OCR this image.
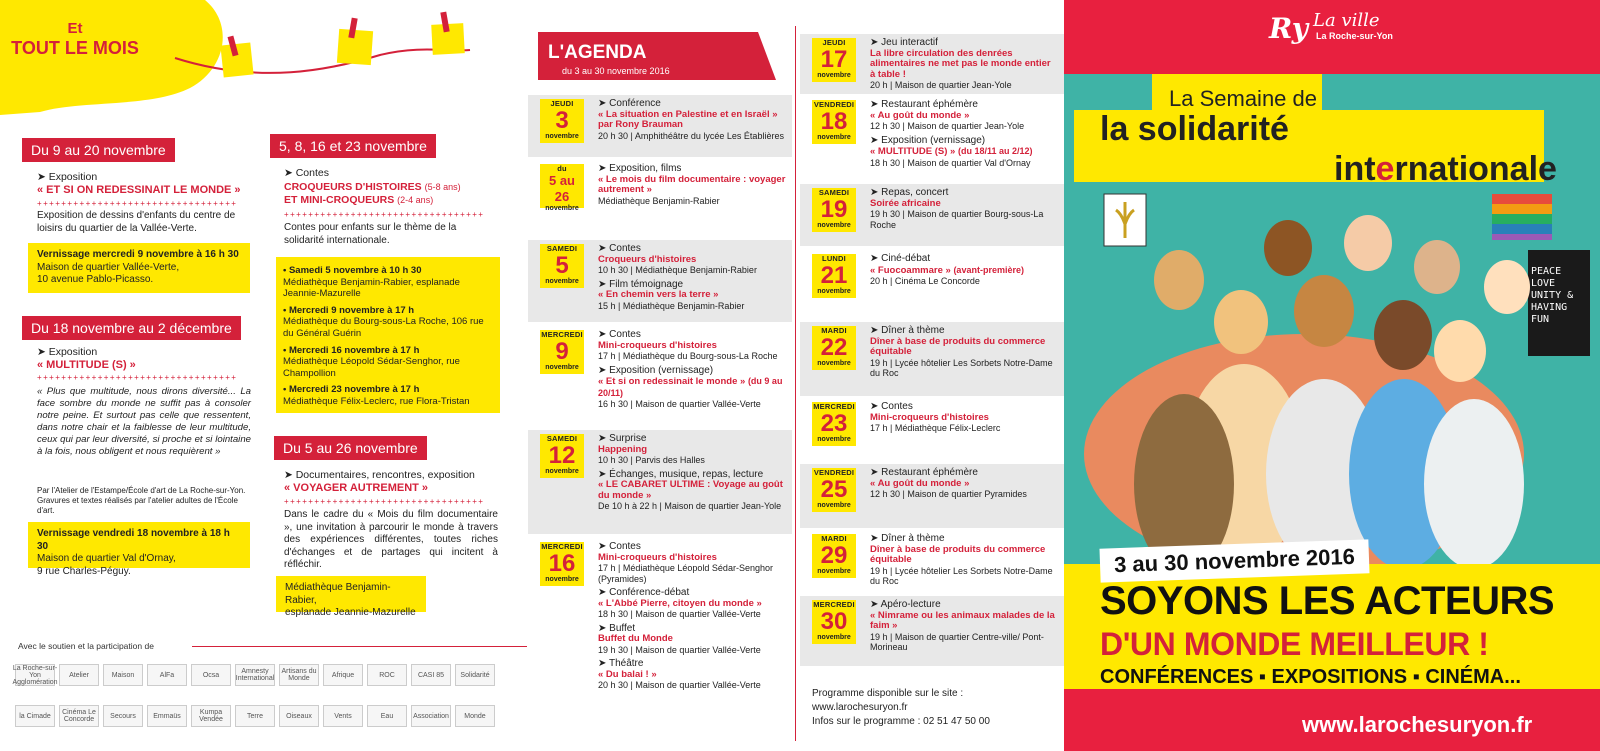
Et
TOUT LE MOIS
Du 9 au 20 novembre
➤ Exposition
« ET SI ON REDESSINAIT LE MONDE »
+++++++++++++++++++++++++++++++++
Exposition de dessins d'enfants du centre de loisirs du quartier de la Vallée-Verte.
Vernissage mercredi 9 novembre à 16 h 30
Maison de quartier Vallée-Verte,
10 avenue Pablo-Picasso.
Du 18 novembre au 2 décembre
➤ Exposition
« MULTITUDE (S) »
+++++++++++++++++++++++++++++++++
« Plus que multitude, nous dirons diversité... La face sombre du monde ne suffit pas à consoler notre peine. Et surtout pas celle que ressentent, dans notre chair et la faiblesse de leur multitude, ceux qui par leur diversité, si proche et si lointaine à la fois, nous obligent et nous requièrent »
Par l'Atelier de l'Estampe/École d'art de La Roche-sur-Yon. Gravures et textes réalisés par l'atelier adultes de l'École d'art.
Vernissage vendredi 18 novembre à 18 h 30
Maison de quartier Val d'Ornay,
9 rue Charles-Péguy.
5, 8, 16 et 23 novembre
➤ Contes
CROQUEURS D'HISTOIRES (5-8 ans)
ET MINI-CROQUEURS (2-4 ans)
+++++++++++++++++++++++++++++++++
Contes pour enfants sur le thème de la solidarité internationale.
• Samedi 5 novembre à 10 h 30
Médiathèque Benjamin-Rabier, esplanade Jeannie-Mazurelle
• Mercredi 9 novembre à 17 h
Médiathèque du Bourg-sous-La Roche, 106 rue du Général Guérin
• Mercredi 16 novembre à 17 h
Médiathèque Léopold Sédar-Senghor, rue Champollion
• Mercredi 23 novembre à 17 h
Médiathèque Félix-Leclerc, rue Flora-Tristan
Du 5 au 26 novembre
➤ Documentaires, rencontres, exposition
« VOYAGER AUTREMENT »
+++++++++++++++++++++++++++++++++
Dans le cadre du « Mois du film documentaire », une invitation à parcourir le monde à travers des expériences différentes, toutes riches d'échanges et de partages qui incitent à réfléchir.
Médiathèque Benjamin-Rabier,
esplanade Jeannie-Mazurelle
Avec le soutien et la participation de
La Roche-sur-Yon Agglomération
Atelier	Maison	AlFa	Ocsa	Amnesty International
Artisans du Monde	Afrique	ROC	CASI 85	Solidarité
la Cimade	Cinéma Le Concorde	Secours	Emmaüs	Kumpa Vendée	Terre	Oiseaux	Vents	Eau	Association	Monde
L'AGENDA
du 3 au 30 novembre 2016
JEUDI
3
novembre
➤ Conférence
« La situation en Palestine et en Israël » par Rony Brauman
20 h 30 | Amphithéâtre du lycée Les Établières
du
5 au 26
novembre
➤ Exposition, films
« Le mois du film documentaire : voyager autrement »
Médiathèque Benjamin-Rabier
SAMEDI
5
novembre
➤ Contes
Croqueurs d'histoires
10 h 30 | Médiathèque Benjamin-Rabier
➤ Film témoignage
« En chemin vers la terre »
15 h | Médiathèque Benjamin-Rabier
MERCREDI
9
novembre
➤ Contes
Mini-croqueurs d'histoires
17 h | Médiathèque du Bourg-sous-La Roche
➤ Exposition (vernissage)
« Et si on redessinait le monde » (du 9 au 20/11)
16 h 30 | Maison de quartier Vallée-Verte
SAMEDI
12
novembre
➤ Surprise
Happening
10 h 30 | Parvis des Halles
➤ Échanges, musique, repas, lecture
« LE CABARET ULTIME : Voyage au goût du monde »
De 10 h à 22 h | Maison de quartier Jean-Yole
MERCREDI
16
novembre
➤ Contes
Mini-croqueurs d'histoires
17 h | Médiathèque Léopold Sédar-Senghor (Pyramides)
➤ Conférence-débat
« L'Abbé Pierre, citoyen du monde »
18 h 30 | Maison de quartier Vallée-Verte
➤ Buffet
Buffet du Monde
19 h 30 | Maison de quartier Vallée-Verte
➤ Théâtre
« Du balai ! »
20 h 30 | Maison de quartier Vallée-Verte
JEUDI
17
novembre
➤ Jeu interactif
La libre circulation des denrées alimentaires ne met pas le monde entier à table !
20 h | Maison de quartier Jean-Yole
VENDREDI
18
novembre
➤ Restaurant éphémère
« Au goût du monde »
12 h 30 | Maison de quartier Jean-Yole
➤ Exposition (vernissage)
« MULTITUDE (S) » (du 18/11 au 2/12)
18 h 30 | Maison de quartier Val d'Ornay
SAMEDI
19
novembre
➤ Repas, concert
Soirée africaine
19 h 30 | Maison de quartier Bourg-sous-La Roche
LUNDI
21
novembre
➤ Ciné-débat
« Fuocoammare » (avant-première)
20 h | Cinéma Le Concorde
MARDI
22
novembre
➤ Dîner à thème
Dîner à base de produits du commerce équitable
19 h | Lycée hôtelier Les Sorbets Notre-Dame du Roc
MERCREDI
23
novembre
➤ Contes
Mini-croqueurs d'histoires
17 h | Médiathèque Félix-Leclerc
VENDREDI
25
novembre
➤ Restaurant éphémère
« Au goût du monde »
12 h 30 | Maison de quartier Pyramides
MARDI
29
novembre
➤ Dîner à thème
Dîner à base de produits du commerce équitable
19 h | Lycée hôtelier Les Sorbets Notre-Dame du Roc
MERCREDI
30
novembre
➤ Apéro-lecture
« Nimrame ou les animaux malades de la faim »
19 h | Maison de quartier Centre-ville/ Pont-Morineau
Programme disponible sur le site :
www.larochesuryon.fr
Infos sur le programme : 02 51 47 50 00
Ry La ville
La Roche-sur-Yon
PEACE LOVE UNITY & HAVING FUN
La Semaine de
la solidarité
internationale
3 au 30 novembre 2016
SOYONS LES ACTEURS
D'UN MONDE MEILLEUR !
CONFÉRENCES ▪ EXPOSITIONS ▪ CINÉMA...
www.larochesuryon.fr
